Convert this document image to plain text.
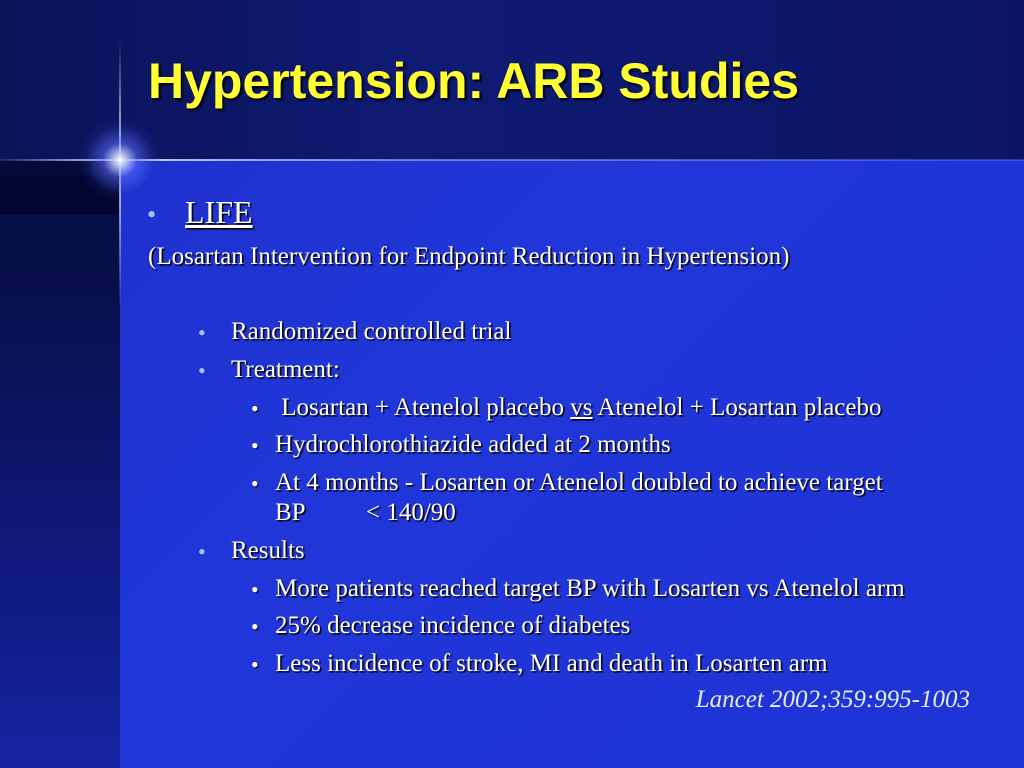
Hypertension: ARB Studies
• LIFE
(Losartan Intervention for Endpoint Reduction in Hypertension)
• Randomized controlled trial
• Treatment:
• Losartan + Atenelol placebo vs Atenelol + Losartan placebo
• Hydrochlorothiazide added at 2 months
• At 4 months - Losarten or Atenelol doubled to achieve target
BP < 140/90
• Results
• More patients reached target BP with Losarten vs Atenelol arm
• 25% decrease incidence of diabetes
• Less incidence of stroke, MI and death in Losarten arm
Lancet 2002;359:995-1003
